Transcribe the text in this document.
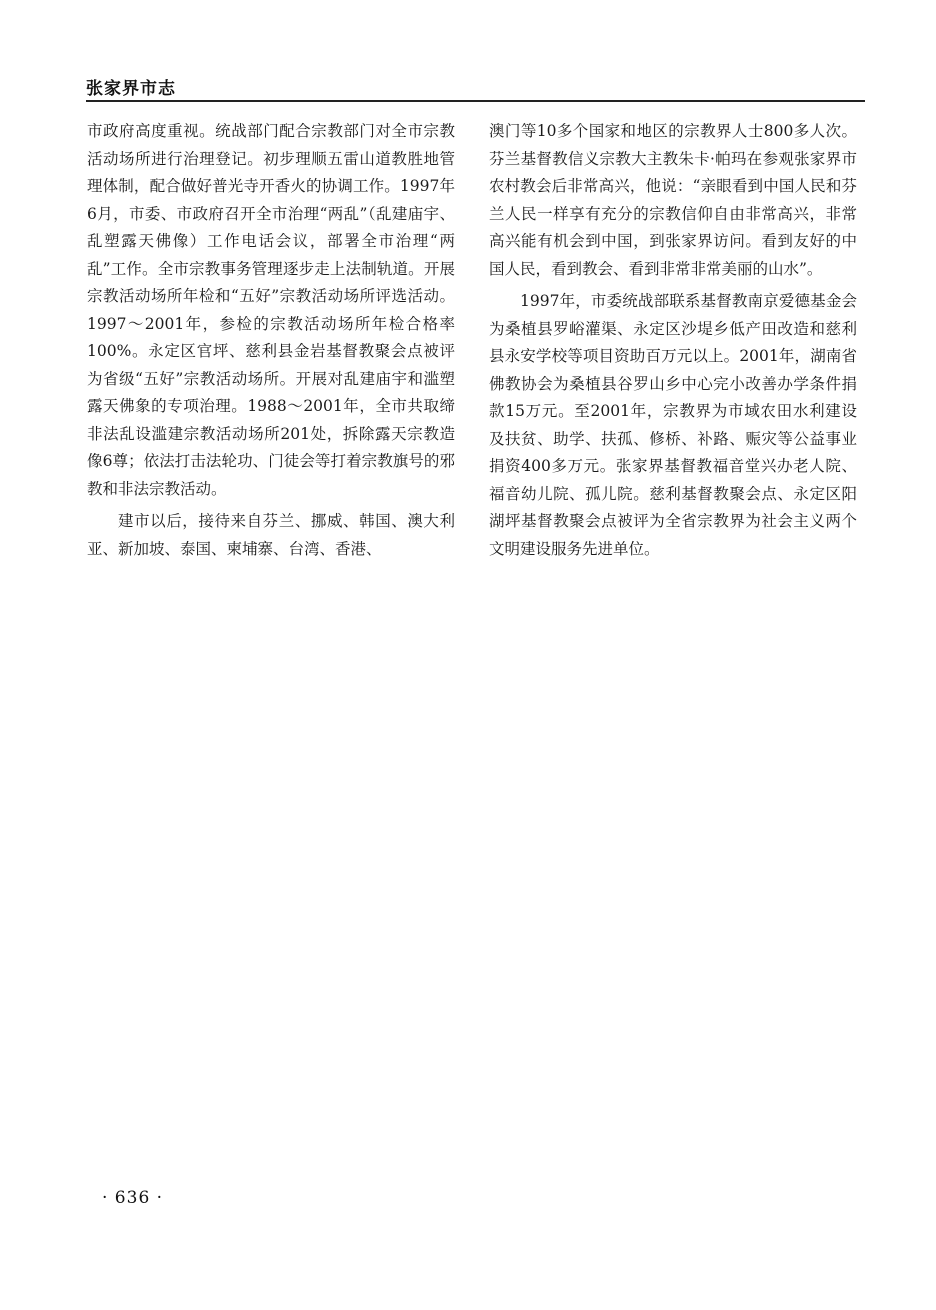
张家界市志

市政府高度重视。统战部门配合宗教部门对全市宗教活动场所进行治理登记。初步理顺五雷山道教胜地管理体制，配合做好普光寺开香火的协调工作。1997年6月，市委、市政府召开全市治理“两乱”（乱建庙宇、乱塑露天佛像）工作电话会议，部署全市治理“两乱”工作。全市宗教事务管理逐步走上法制轨道。开展宗教活动场所年检和“五好”宗教活动场所评选活动。1997～2001年，参检的宗教活动场所年检合格率100%。永定区官坪、慈利县金岩基督教聚会点被评为省级“五好”宗教活动场所。开展对乱建庙宇和滥塑露天佛象的专项治理。1988～2001年，全市共取缔非法乱设滥建宗教活动场所201处，拆除露天宗教造像6尊；依法打击法轮功、门徒会等打着宗教旗号的邪教和非法宗教活动。

建市以后，接待来自芬兰、挪威、韩国、澳大利亚、新加坡、泰国、柬埔寨、台湾、香港、

澳门等10多个国家和地区的宗教界人士800多人次。芬兰基督教信义宗教大主教朱卡·帕玛在参观张家界市农村教会后非常高兴，他说：“亲眼看到中国人民和芬兰人民一样享有充分的宗教信仰自由非常高兴，非常高兴能有机会到中国，到张家界访问。看到友好的中国人民，看到教会、看到非常非常美丽的山水”。

1997年，市委统战部联系基督教南京爱德基金会为桑植县罗峪灌渠、永定区沙堤乡低产田改造和慈利县永安学校等项目资助百万元以上。2001年，湖南省佛教协会为桑植县谷罗山乡中心完小改善办学条件捐款15万元。至2001年，宗教界为市域农田水利建设及扶贫、助学、扶孤、修桥、补路、赈灾等公益事业捐资400多万元。张家界基督教福音堂兴办老人院、福音幼儿院、孤儿院。慈利基督教聚会点、永定区阳湖坪基督教聚会点被评为全省宗教界为社会主义两个文明建设服务先进单位。

· 636 ·
